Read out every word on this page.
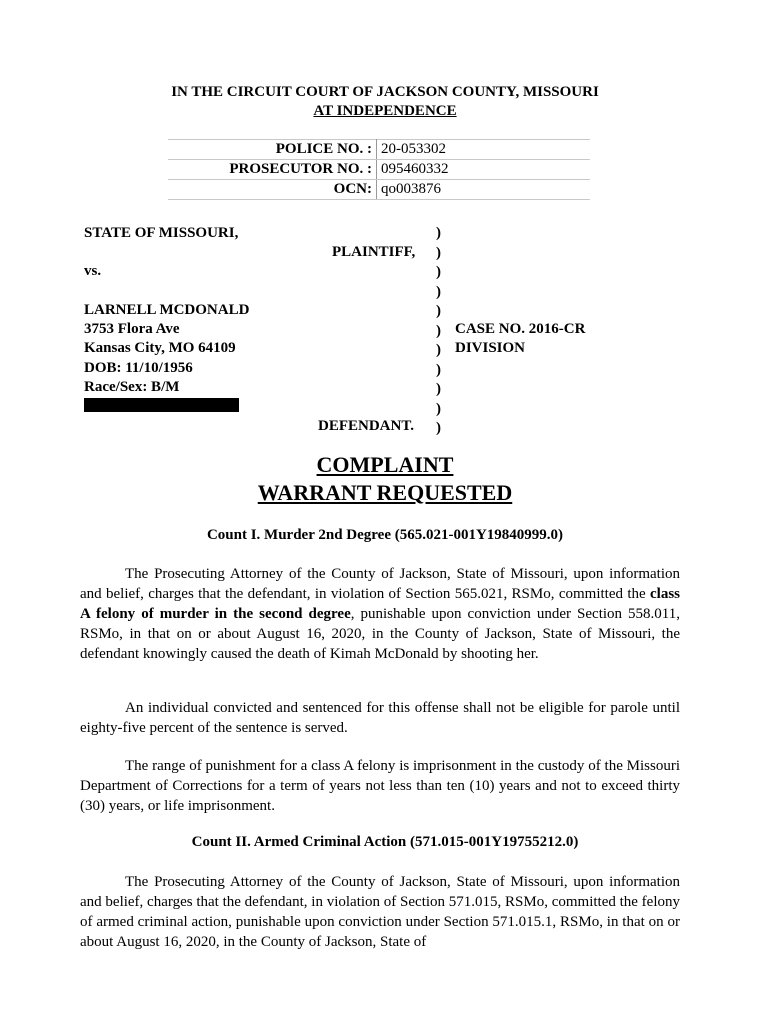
IN THE CIRCUIT COURT OF JACKSON COUNTY, MISSOURI
AT INDEPENDENCE
POLICE NO. :	20-053302
PROSECUTOR NO. :	095460332
OCN:	qo003876
STATE OF MISSOURI,
PLAINTIFF,
vs.
LARNELL MCDONALD
3753 Flora Ave
Kansas City, MO 64109
DOB: 11/10/1956
Race/Sex: B/M
DEFENDANT.
)
)
)
)
)
)
)
)
)
)
)
CASE NO. 2016-CR
DIVISION
COMPLAINT
WARRANT REQUESTED
Count I. Murder 2nd Degree (565.021-001Y19840999.0)

The Prosecuting Attorney of the County of Jackson, State of Missouri, upon information and belief, charges that the defendant, in violation of Section 565.021, RSMo, committed the class A felony of murder in the second degree, punishable upon conviction under Section 558.011, RSMo, in that on or about August 16, 2020, in the County of Jackson, State of Missouri, the defendant knowingly caused the death of Kimah McDonald by shooting her.

An individual convicted and sentenced for this offense shall not be eligible for parole until eighty-five percent of the sentence is served.

The range of punishment for a class A felony is imprisonment in the custody of the Missouri Department of Corrections for a term of years not less than ten (10) years and not to exceed thirty (30) years, or life imprisonment.

Count II. Armed Criminal Action (571.015-001Y19755212.0)

The Prosecuting Attorney of the County of Jackson, State of Missouri, upon information and belief, charges that the defendant, in violation of Section 571.015, RSMo, committed the felony of armed criminal action, punishable upon conviction under Section 571.015.1, RSMo, in that on or about August 16, 2020, in the County of Jackson, State of
